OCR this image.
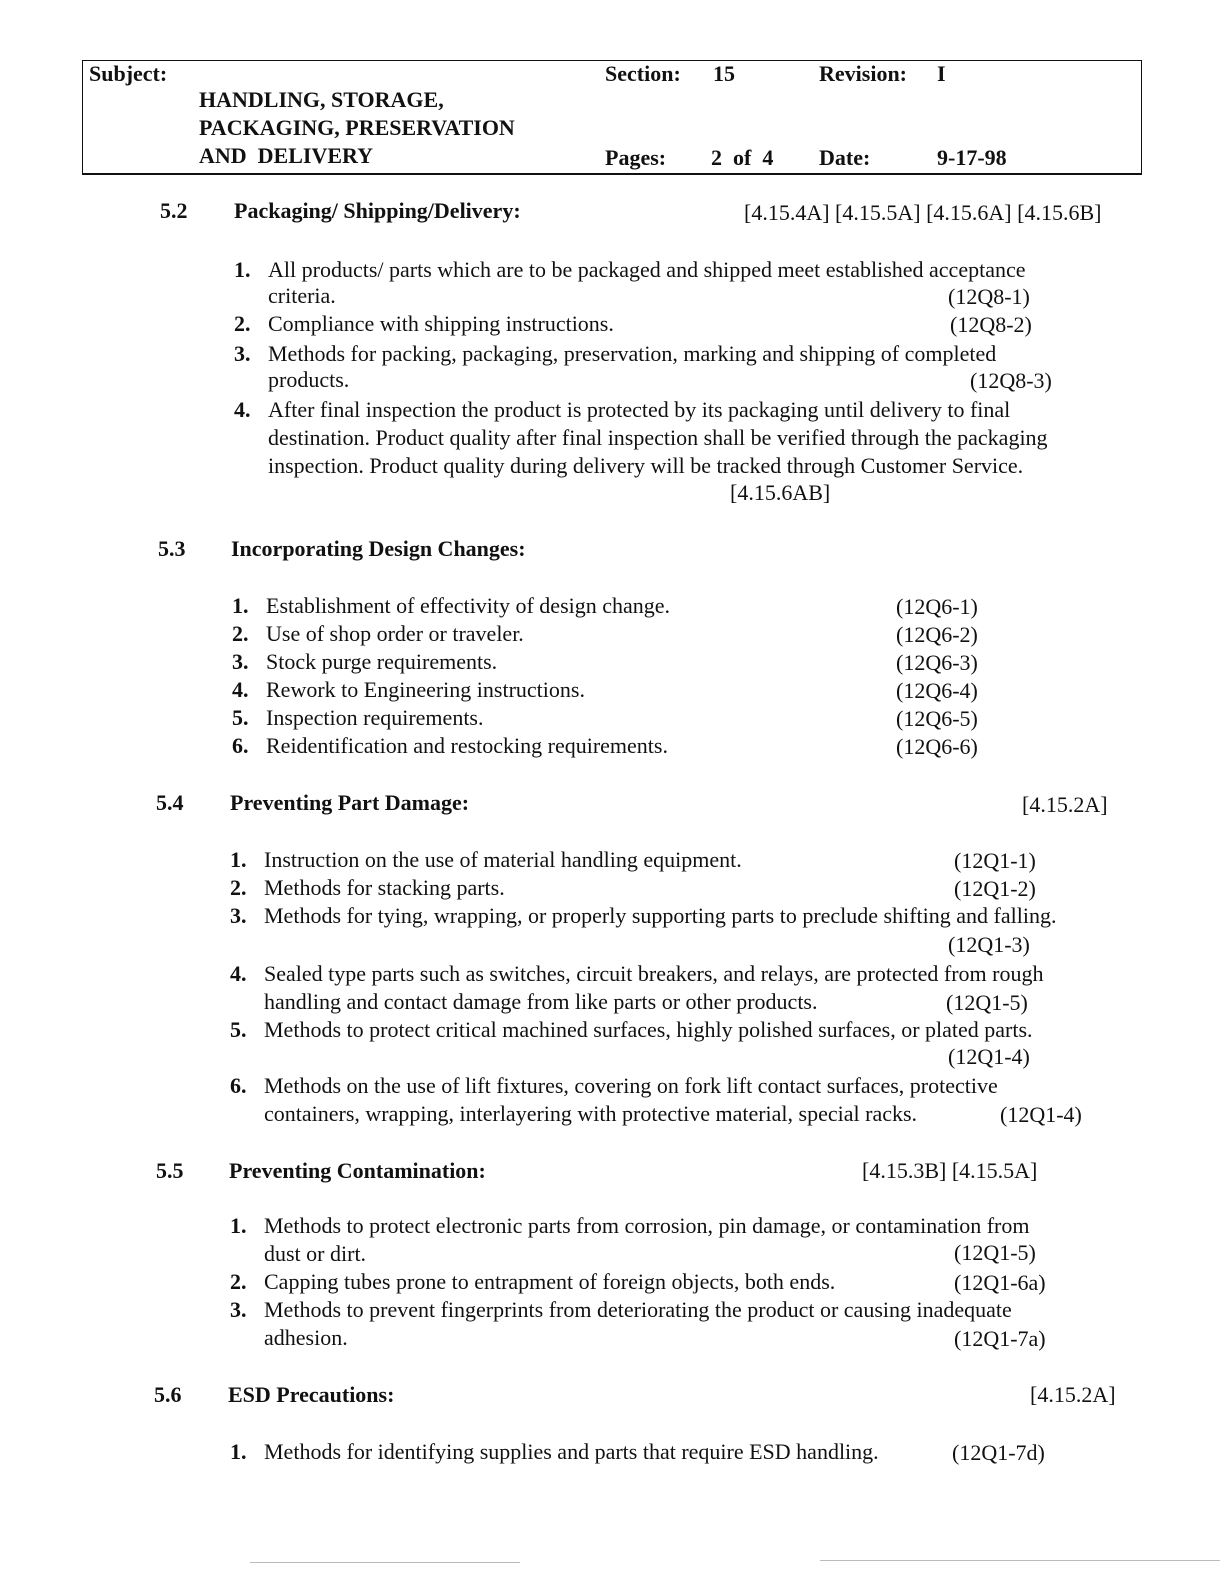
Subject:
HANDLING, STORAGE,
PACKAGING, PRESERVATION
AND  DELIVERY
Section: 15	Revision: I
Pages: 2  of  4 Date:	9-17-98
5.2 Packaging/ Shipping/Delivery:	[4.15.4A] [4.15.5A] [4.15.6A] [4.15.6B]
1. All products/ parts which are to be packaged and shipped meet established acceptance
criteria.	(12Q8-1)
2. Compliance with shipping instructions.	(12Q8-2)
3. Methods for packing, packaging, preservation, marking and shipping of completed
products.	(12Q8-3)
4. After final inspection the product is protected by its packaging until delivery to final
destination. Product quality after final inspection shall be verified through the packaging
inspection. Product quality during delivery will be tracked through Customer Service.
[4.15.6AB]
5.3 Incorporating Design Changes:
1. Establishment of effectivity of design change.	(12Q6-1)
2. Use of shop order or traveler.	(12Q6-2)
3. Stock purge requirements.	(12Q6-3)
4. Rework to Engineering instructions.	(12Q6-4)
5. Inspection requirements.	(12Q6-5)
6. Reidentification and restocking requirements.	(12Q6-6)
5.4 Preventing Part Damage:	[4.15.2A]
1. Instruction on the use of material handling equipment.	(12Q1-1)
2. Methods for stacking parts.	(12Q1-2)
3. Methods for tying, wrapping, or properly supporting parts to preclude shifting and falling.
(12Q1-3)
4. Sealed type parts such as switches, circuit breakers, and relays, are protected from rough
handling and contact damage from like parts or other products.	(12Q1-5)
5. Methods to protect critical machined surfaces, highly polished surfaces, or plated parts.
(12Q1-4)
6. Methods on the use of lift fixtures, covering on fork lift contact surfaces, protective
containers, wrapping, interlayering with protective material, special racks.	(12Q1-4)
5.5 Preventing Contamination:	[4.15.3B] [4.15.5A]
1. Methods to protect electronic parts from corrosion, pin damage, or contamination from
dust or dirt.	(12Q1-5)
2. Capping tubes prone to entrapment of foreign objects, both ends.	(12Q1-6a)
3. Methods to prevent fingerprints from deteriorating the product or causing inadequate
adhesion.	(12Q1-7a)
5.6 ESD Precautions:	[4.15.2A]
1. Methods for identifying supplies and parts that require ESD handling.	(12Q1-7d)
